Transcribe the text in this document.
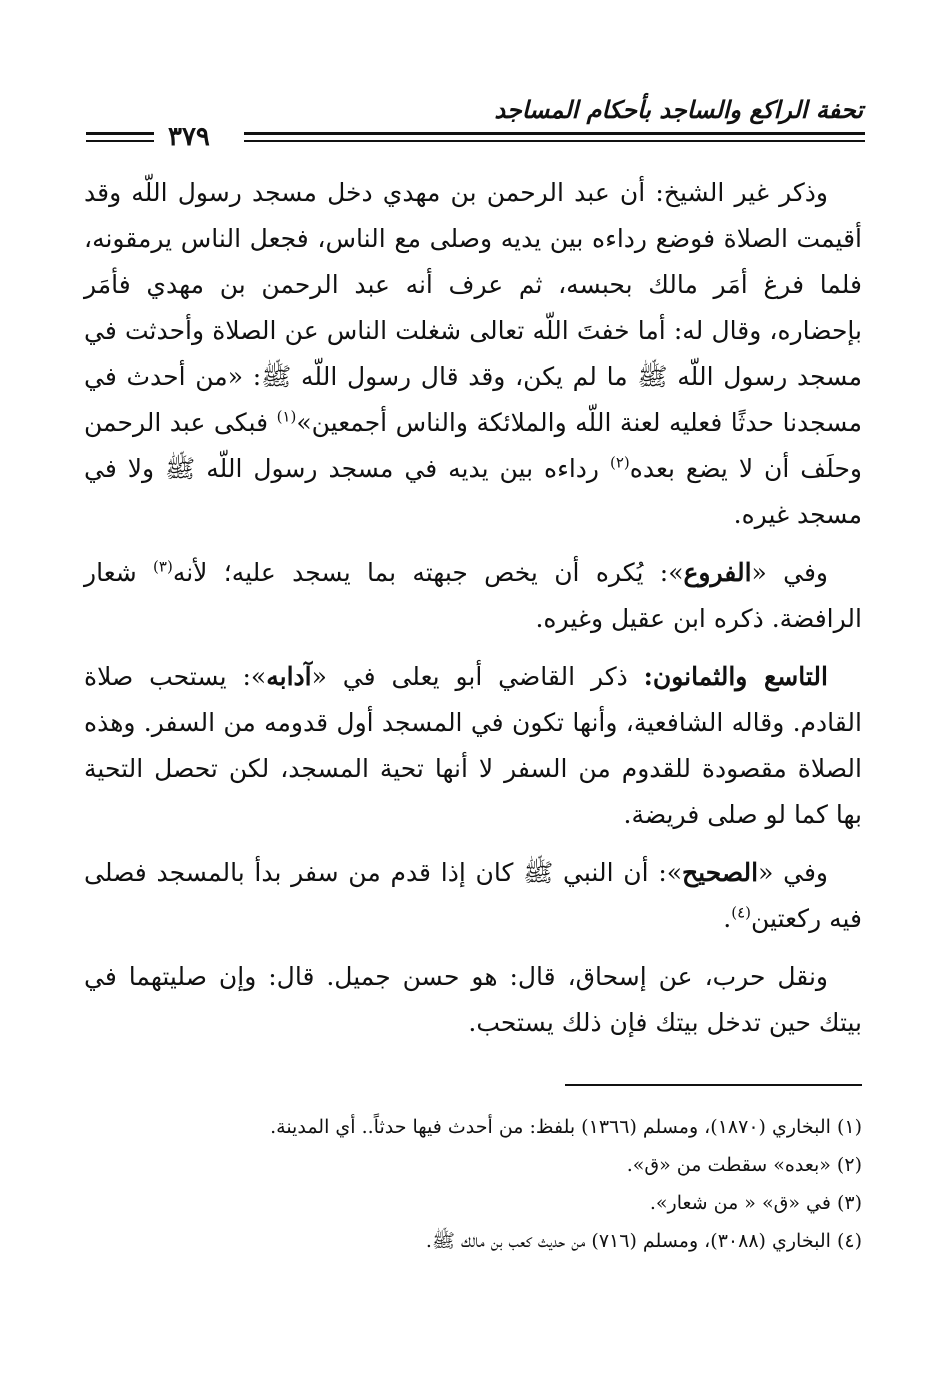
تحفة الراكع والساجد بأحكام المساجد
٣٧٩

وذكر غير الشيخ: أن عبد الرحمن بن مهدي دخل مسجد رسول اللّه وقد أقيمت الصلاة فوضع رداءه بين يديه وصلى مع الناس، فجعل الناس يرمقونه، فلما فرغ أمَر مالك بحبسه، ثم عرف أنه عبد الرحمن بن مهدي فأمَر بإحضاره، وقال له: أما خفتَ اللّه تعالى شغلت الناس عن الصلاة وأحدثت في مسجد رسول اللّه ﷺ ما لم يكن، وقد قال رسول اللّه ﷺ: «من أحدث في مسجدنا حدثًا فعليه لعنة اللّه والملائكة والناس أجمعين»$^{(١)}$ فبكى عبد الرحمن وحلَف أن لا يضع بعده$^{(٢)}$ رداءه بين يديه في مسجد رسول اللّه ﷺ ولا في مسجد غيره.

وفي «الفروع»: يُكره أن يخص جبهته بما يسجد عليه؛ لأنه$^{(٣)}$ شعار الرافضة. ذكره ابن عقيل وغيره.

التاسع والثمانون: ذكر القاضي أبو يعلى في «آدابه»: يستحب صلاة القادم. وقاله الشافعية، وأنها تكون في المسجد أول قدومه من السفر. وهذه الصلاة مقصودة للقدوم من السفر لا أنها تحية المسجد، لكن تحصل التحية بها كما لو صلى فريضة.

وفي «الصحيح»: أن النبي ﷺ كان إذا قدم من سفر بدأ بالمسجد فصلى فيه ركعتين$^{(٤)}$.

ونقل حرب، عن إسحاق، قال: هو حسن جميل. قال: وإن صليتهما في بيتك حين تدخل بيتك فإن ذلك يستحب.

(١) البخاري (١٨٧٠)، ومسلم (١٣٦٦) بلفظ: من أحدث فيها حدثاً.. أي المدينة.

(٢) «بعده» سقطت من «ق».

(٣) في «ق» « من شعار».

(٤) البخاري (٣٠٨٨)، ومسلم (٧١٦) من حديث كعب بن مالك ﷺ.
